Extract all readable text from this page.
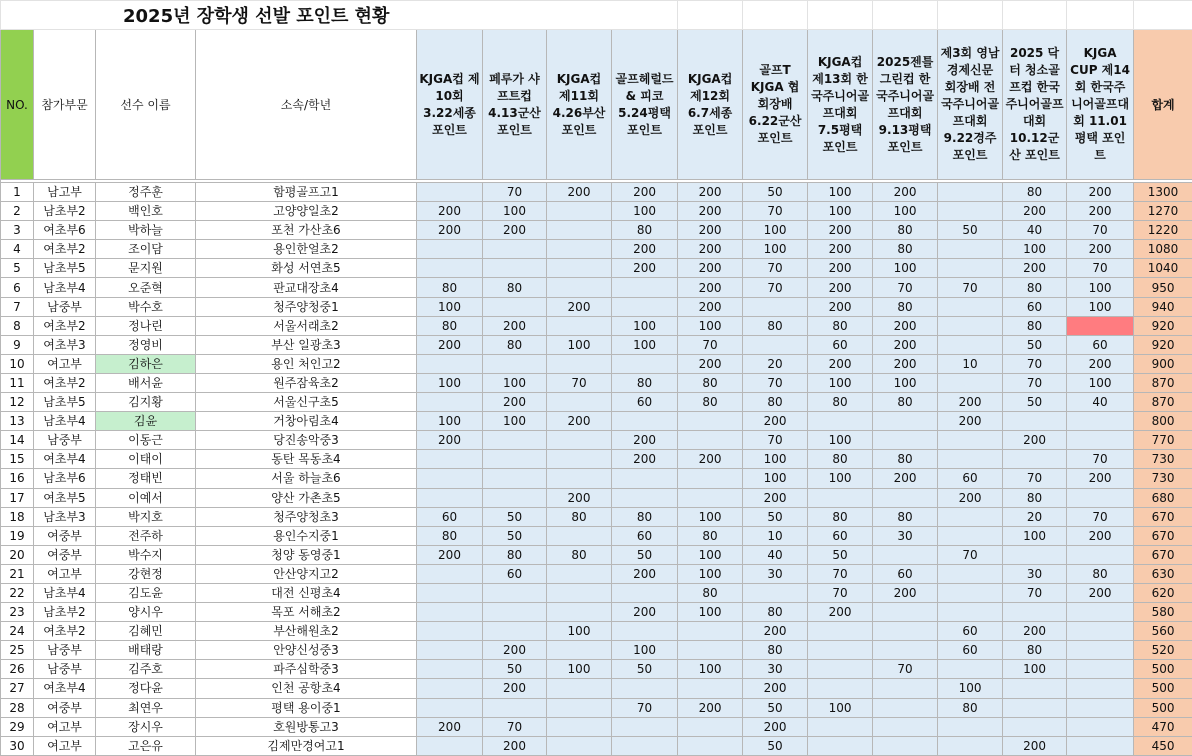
2025년 장학생 선발 포인트 현황															
NO.	참가부문	선수 이름	소속/학년	KJGA컵 제10회 3.22세종 포인트	페루가 샤프트컵 4.13군산 포인트	KJGA컵 제11회 4.26부산 포인트	골프헤럴드 & 피코 5.24평택 포인트	KJGA컵 제12회 6.7세종 포인트	골프T KJGA 협회장배 6.22군산 포인트	KJGA컵 제13회 한국주니어골프대회 7.5평택 포인트	2025젠틀그린컵 한국주니어골프대회 9.13평택 포인트	제3회 영남경제신문 회장배 전국주니어골프대회 9.22경주 포인트	2025 닥터 청소골프컵 한국주니어골프대회 10.12군산 포인트	KJGA CUP 제14회 한국주니어골프대회 11.01평택 포인트	합계

1	남고부	정주훈	함평골프고1		70	200	200	200	50	100	200		80	200	1300
2	남초부2	백인호	고양양일초2	200	100		100	200	70	100	100		200	200	1270
3	여초부6	박하늘	포천 가산초6	200	200		80	200	100	200	80	50	40	70	1220
4	여초부2	조이담	용인한얼초2				200	200	100	200	80		100	200	1080
5	남초부5	문지원	화성 서연초5				200	200	70	200	100		200	70	1040
6	남초부4	오준혁	판교대장초4	80	80			200	70	200	70	70	80	100	950
7	남중부	박수호	청주양청중1	100		200		200		200	80		60	100	940
8	여초부2	정나린	서울서래초2	80	200		100	100	80	80	200		80		920
9	여초부3	정영비	부산 일광초3	200	80	100	100	70		60	200		50	60	920
10	여고부	김하은	용인 처인고2					200	20	200	200	10	70	200	900
11	여초부2	배서윤	원주잠육초2	100	100	70	80	80	70	100	100		70	100	870
12	남초부5	김지황	서울신구초5		200		60	80	80	80	80	200	50	40	870
13	남초부4	김윤	거창아림초4	100	100	200			200			200			800
14	남중부	이동근	당진송악중3	200			200		70	100			200		770
15	여초부4	이태이	동탄 목동초4				200	200	100	80	80			70	730
16	남초부6	정태빈	서울 하늘초6						100	100	200	60	70	200	730
17	여초부5	이예서	양산 가촌초5			200			200			200	80		680
18	남초부3	박지호	청주양청초3	60	50	80	80	100	50	80	80		20	70	670
19	여중부	전주하	용인수지중1	80	50		60	80	10	60	30		100	200	670
20	여중부	박수지	청양 동영중1	200	80	80	50	100	40	50		70			670
21	여고부	강현정	안산양지고2		60		200	100	30	70	60		30	80	630
22	남초부4	김도윤	대전 신평초4					80		70	200		70	200	620
23	남초부2	양시우	목포 서해초2				200	100	80	200					580
24	여초부2	김혜민	부산해원초2			100			200			60	200		560
25	남중부	배태랑	안양신성중3		200		100		80			60	80		520
26	남중부	김주호	파주심학중3		50	100	50	100	30		70		100		500
27	여초부4	정다윤	인천 공항초4		200				200			100			500
28	여중부	최연우	평택 용이중1				70	200	50	100		80			500
29	여고부	장시우	호원방통고3	200	70				200						470
30	여고부	고은유	김제만경여고1		200				50				200		450
